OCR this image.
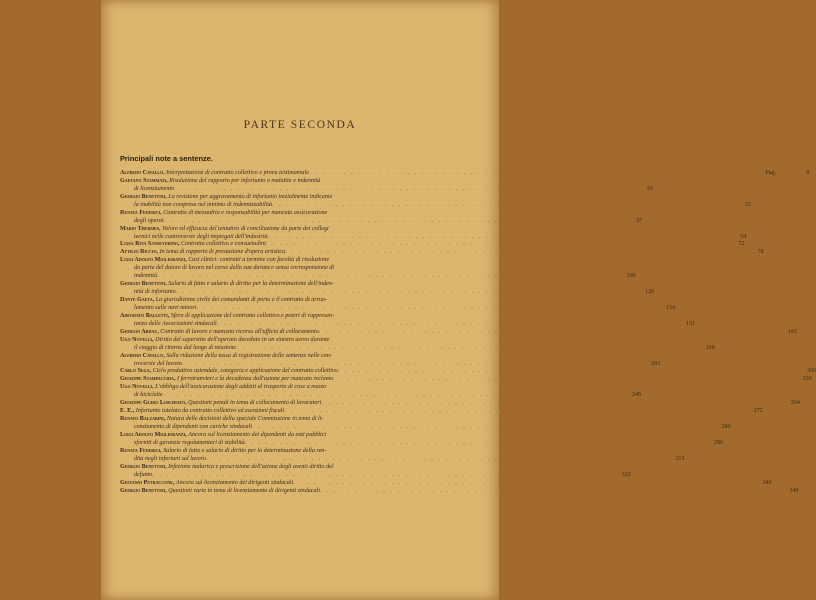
PARTE SECONDA
Principali note a sentenze.
Alfredo Cavallo, Interpretazione di contratto collettivo e prova testimoniale . . .	Pag.	9
Gaetano Stammati, Risoluzione del rapporto per infortunio o malattia e indennità
di licenziamento . . .	16
Giorgio Benettini, La revisione per aggravamento di infortunio inizialmente indicante
la inabilità non compresa nel minimo di indennizzabilità . . .	35
Renata Federici, Contratto di mezzadria e responsabilità per mancata assicurazione
degli operai . . .	37
Mario Thermes, Valore ed efficacia del tentativo di conciliazione da parte dei collegi
tecnici nelle controversie degli impiegati dell'industria . . .	54
Luisa Riva Sanseverino, Contratto collettivo e consuetudini . . .	72
Attilio Riccio, In tema di rapporto di prestazione d'opera artistica . . .	78
Luigi Adolfo Miglioranzi, Casi clinici: contratti a termine con facoltà di risoluzione
da parte del datore di lavoro nel corso della sua durata e senza corresponsione di
indennità . . .	100
Giorgio Benettini, Salario di fatto e salario di diritto per la determinazione dell'inden-
nità di infortunio . . .	129
Dante Gaeta, La giurisdizione civile dei comandanti di porto e il contratto di arruo-
lamento sulle navi minori . . .	134
Adeodato Balletti, Sfera di applicazione del contratto collettivo e poteri di rappresen-
tanza delle Associazioni sindacali . . .	151
Giorgio Ardau, Contratto di lavoro e mancato ricorso all'ufficio di collocamento . . .	161
Ugo Novelli, Diritto del superstite dell'operaio deceduto in un sinistro aereo durante
il viaggio di ritorno dal luogo di missione . . .	169
Alfredo Cavallo, Sulla riduzione della tassa di registrazione delle sentenze nelle con-
troversie del lavoro . . .	203
Carlo Sega, Ciclo produttivo aziendale, categoria e applicazione del contratto collettivo . . .	206
Giuseppe Stampacchia, I ferrotranvieri e la decadenza dall'azione per mancato reclamo . . .	239
Ugo Novelli, L'obbligo dell'assicurazione degli addetti al trasporto di cose a mezzo
di biciclette . . .	246
Giuseppe Guido Loschiavo, Questioni penali in tema di collocamento di lavoratori . . .	264
E. E., Infortunio tutelato da contratto collettivo ed esenzioni fiscali . . .	272
Renato Balzarini, Natura delle decisioni della speciale Commissione in tema di li-
cenziamento di dipendenti con cariche sindacali . . .	280
Luigi Adolfo Miglioranzi, Ancora sul licenziamento dei dipendenti da enti pubblici
sforniti di garanzie regolamentari di stabilità . . .	296
Renata Federici, Salario di fatto e salario di diritto per la determinazione della ren-
dita negli infortuni sul lavoro . . .	313
Giorgio Benettini, Infezione malarica e prescrizione dell'azione degli aventi diritto del
defunto . . .	322
Giovanni Petraccone, Ancora sul licenziamento dei dirigenti sindacali . . .	346
Giorgio Benettini, Questioni varie in tema di licenziamento di dirigenti sindacali . . .	349
